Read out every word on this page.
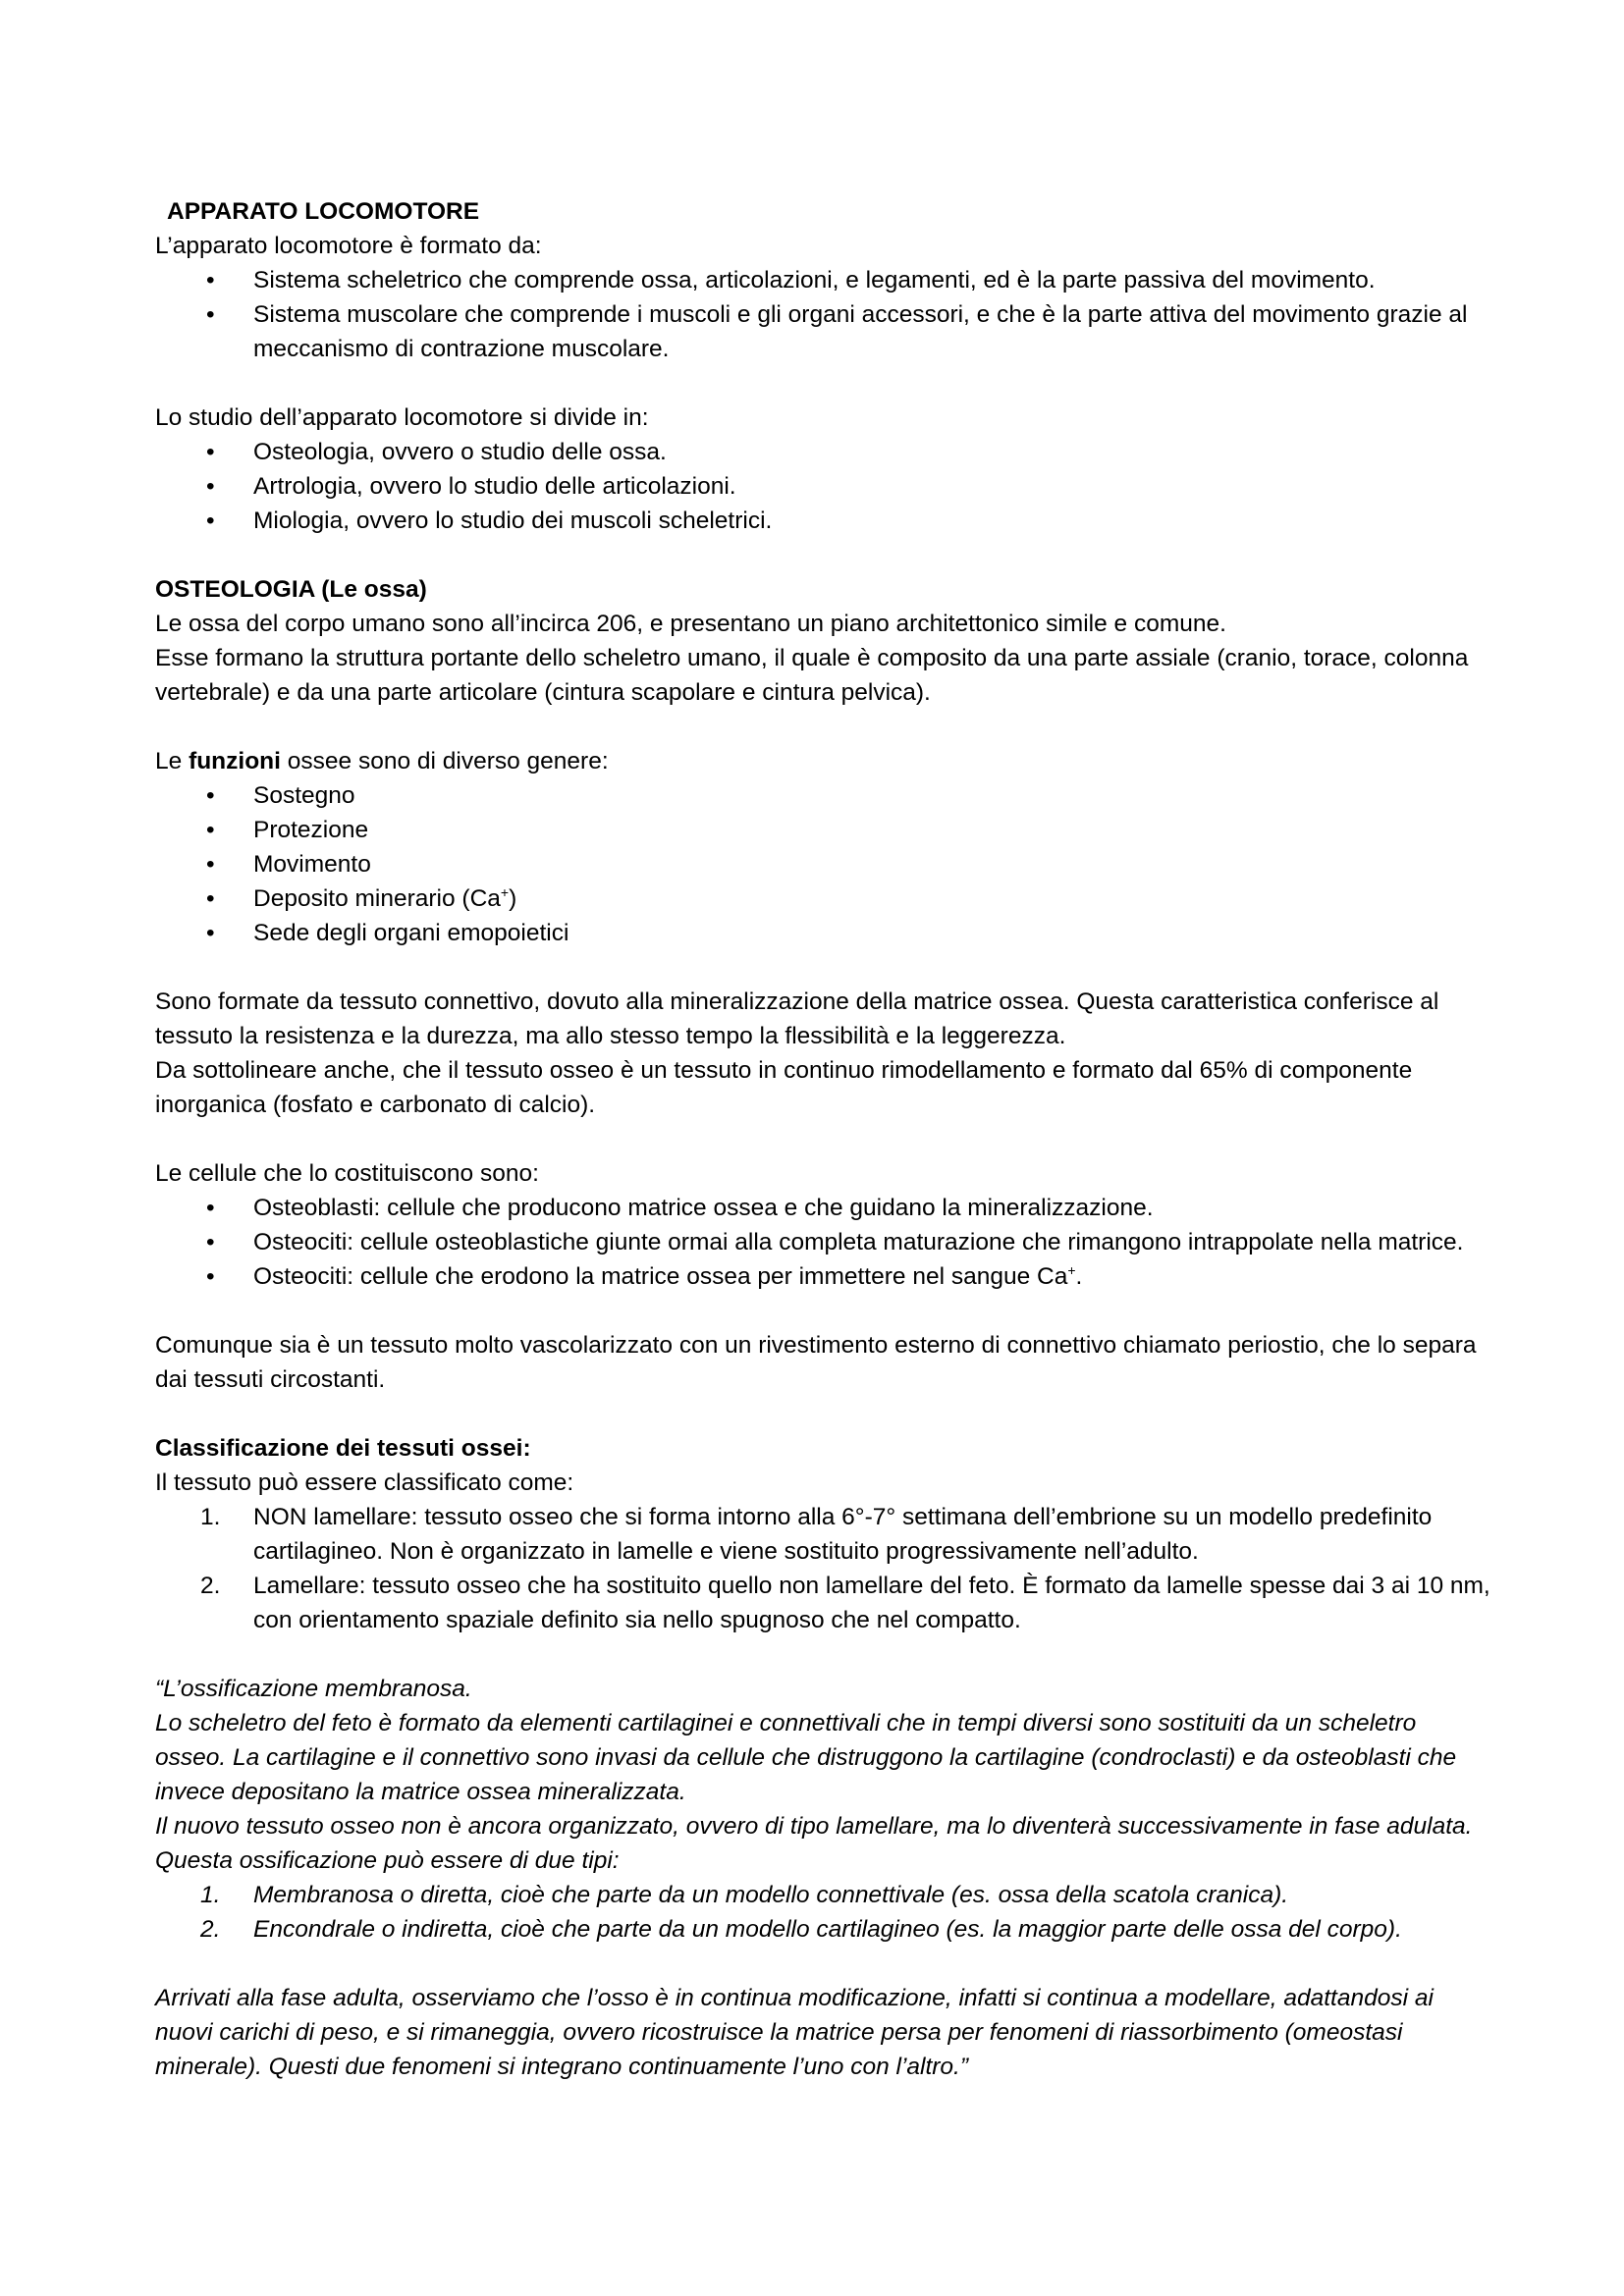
APPARATO LOCOMOTORE

L’apparato locomotore è formato da:

• Sistema scheletrico che comprende ossa, articolazioni, e legamenti, ed è la parte passiva del movimento.
• Sistema muscolare che comprende i muscoli e gli organi accessori, e che è la parte attiva del movimento grazie al meccanismo di contrazione muscolare.

Lo studio dell’apparato locomotore si divide in:

• Osteologia, ovvero o studio delle ossa.
• Artrologia, ovvero lo studio delle articolazioni.
• Miologia, ovvero lo studio dei muscoli scheletrici.

OSTEOLOGIA (Le ossa)

Le ossa del corpo umano sono all’incirca 206, e presentano un piano architettonico simile e comune.

Esse formano la struttura portante dello scheletro umano, il quale è composito da una parte assiale (cranio, torace, colonna vertebrale) e da una parte articolare (cintura scapolare e cintura pelvica).

Le funzioni ossee sono di diverso genere:

• Sostegno
• Protezione
• Movimento
• Deposito minerario (Ca+)
• Sede degli organi emopoietici

Sono formate da tessuto connettivo, dovuto alla mineralizzazione della matrice ossea. Questa caratteristica conferisce al tessuto la resistenza e la durezza, ma allo stesso tempo la flessibilità e la leggerezza.

Da sottolineare anche, che il tessuto osseo è un tessuto in continuo rimodellamento e formato dal 65% di componente inorganica (fosfato e carbonato di calcio).

Le cellule che lo costituiscono sono:

• Osteoblasti: cellule che producono matrice ossea e che guidano la mineralizzazione.
• Osteociti: cellule osteoblastiche giunte ormai alla completa maturazione che rimangono intrappolate nella matrice.
• Osteociti: cellule che erodono la matrice ossea per immettere nel sangue Ca+.

Comunque sia è un tessuto molto vascolarizzato con un rivestimento esterno di connettivo chiamato periostio, che lo separa dai tessuti circostanti.

Classificazione dei tessuti ossei:

Il tessuto può essere classificato come:

1. NON lamellare: tessuto osseo che si forma intorno alla 6°-7° settimana dell’embrione su un modello predefinito cartilagineo. Non è organizzato in lamelle e viene sostituito progressivamente nell’adulto.
2. Lamellare: tessuto osseo che ha sostituito quello non lamellare del feto. È formato da lamelle spesse dai 3 ai 10 nm, con orientamento spaziale definito sia nello spugnoso che nel compatto.

“L’ossificazione membranosa.

Lo scheletro del feto è formato da elementi cartilaginei e connettivali che in tempi diversi sono sostituiti da un scheletro osseo. La cartilagine e il connettivo sono invasi da cellule che distruggono la cartilagine (condroclasti) e da osteoblasti che invece depositano la matrice ossea mineralizzata.

Il nuovo tessuto osseo non è ancora organizzato, ovvero di tipo lamellare, ma lo diventerà successivamente in fase adulata.

Questa ossificazione può essere di due tipi:

1. Membranosa o diretta, cioè che parte da un modello connettivale (es. ossa della scatola cranica).
2. Encondrale o indiretta, cioè che parte da un modello cartilagineo (es. la maggior parte delle ossa del corpo).

Arrivati alla fase adulta, osserviamo che l’osso è in continua modificazione, infatti si continua a modellare, adattandosi ai nuovi carichi di peso, e si rimaneggia, ovvero ricostruisce la matrice persa per fenomeni di riassorbimento (omeostasi minerale). Questi due fenomeni si integrano continuamente l’uno con l’altro.”
